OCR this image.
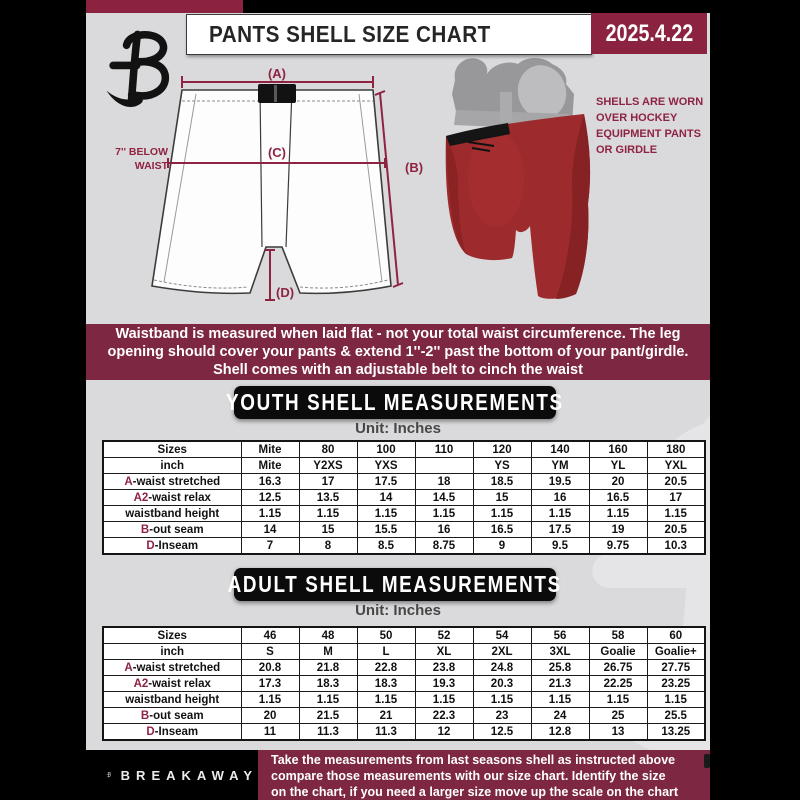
PANTS SHELL SIZE CHART	2025.4.22
(A)
(B)
(C)
(D)
7'' BELOW
WAIST
SHELLS ARE WORN
OVER HOCKEY
EQUIPMENT PANTS
OR GIRDLE
Waistband is measured when laid flat - not your total waist circumference. The leg
opening should cover your pants & extend 1''-2'' past the bottom of your pant/girdle.
Shell comes with an adjustable belt to cinch the waist
YOUTH SHELL MEASUREMENTS
Unit: Inches
Sizes	Mite	80	100	110	120	140	160	180
inch	Mite	Y2XS	YXS		YS	YM	YL	YXL
A-waist stretched	16.3	17	17.5	18	18.5	19.5	20	20.5
A2-waist relax	12.5	13.5	14	14.5	15	16	16.5	17
waistband height	1.15	1.15	1.15	1.15	1.15	1.15	1.15	1.15
B-out seam	14	15	15.5	16	16.5	17.5	19	20.5
D-Inseam	7	8	8.5	8.75	9	9.5	9.75	10.3
ADULT SHELL MEASUREMENTS
Unit: Inches
Sizes	46	48	50	52	54	56	58	60
inch	S	M	L	XL	2XL	3XL	Goalie	Goalie+
A-waist stretched	20.8	21.8	22.8	23.8	24.8	25.8	26.75	27.75
A2-waist relax	17.3	18.3	18.3	19.3	20.3	21.3	22.25	23.25
waistband height	1.15	1.15	1.15	1.15	1.15	1.15	1.15	1.15
B-out seam	20	21.5	21	22.3	23	24	25	25.5
D-Inseam	11	11.3	11.3	12	12.5	12.8	13	13.25
BREAKAWAY
Take the measurements from last seasons shell as instructed above
compare those measurements with our size chart. Identify the size
on the chart, if you need a larger size move up the scale on the chart
